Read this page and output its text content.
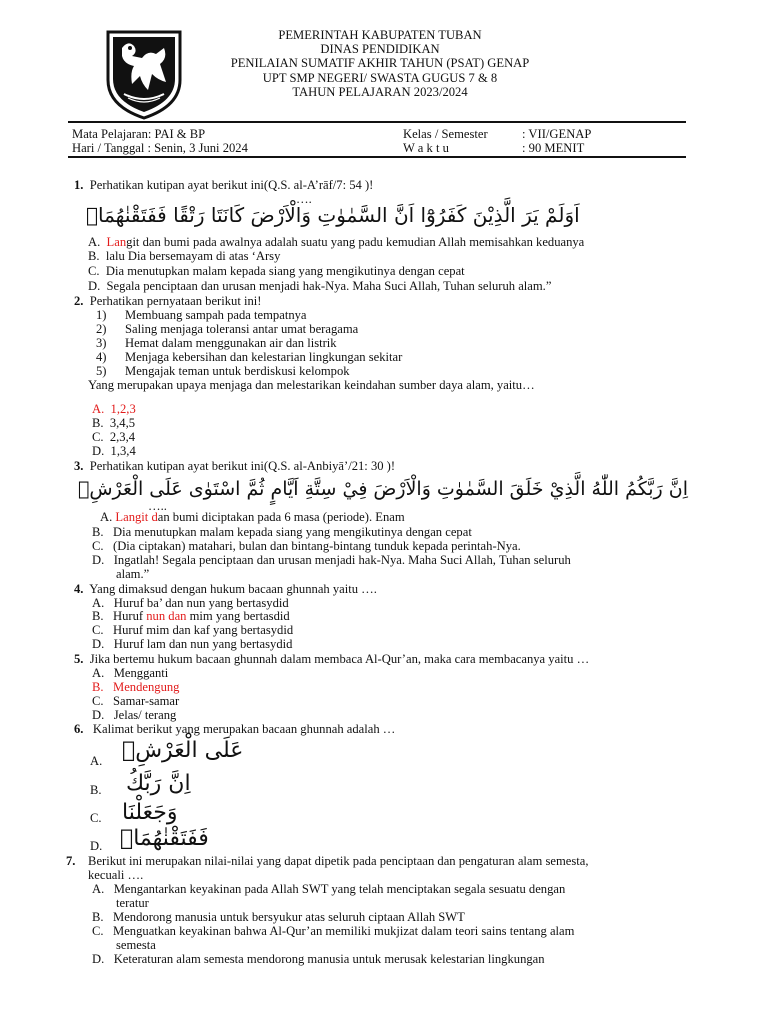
PEMERINTAH KABUPATEN TUBAN
DINAS PENDIDIKAN
PENILAIAN SUMATIF AKHIR TAHUN (PSAT) GENAP
UPT SMP NEGERI/ SWASTA GUGUS 7 & 8
TAHUN PELAJARAN 2023/2024
Mata Pelajaran: PAI & BP
Hari / Tanggal : Senin, 3 Juni 2024
Kelas / Semester	: VII/GENAP
W a k t u	: 90 MENIT
1. Perhatikan kutipan ayat berikut ini(Q.S. al-A’rāf/7: 54 )!
….
اَوَلَمْ يَرَ الَّذِيْنَ كَفَرُوْٓا اَنَّ السَّمٰوٰتِ وَالْاَرْضَ كَانَتَا رَتْقًا فَفَتَقْنٰهُمَاۗ
A. Langit dan bumi pada awalnya adalah suatu yang padu kemudian Allah memisahkan keduanya
B. lalu Dia bersemayam di atas ‘Arsy
C. Dia menutupkan malam kepada siang yang mengikutinya dengan cepat
D. Segala penciptaan dan urusan menjadi hak-Nya. Maha Suci Allah, Tuhan seluruh alam.”
2. Perhatikan pernyataan berikut ini!
1) Membuang sampah pada tempatnya
2) Saling menjaga toleransi antar umat beragama
3) Hemat dalam menggunakan air dan listrik
4) Menjaga kebersihan dan kelestarian lingkungan sekitar
5) Mengajak teman untuk berdiskusi kelompok
Yang merupakan upaya menjaga dan melestarikan keindahan sumber daya alam, yaitu…
A. 1,2,3
B. 3,4,5
C. 2,3,4
D. 1,3,4
3. Perhatikan kutipan ayat berikut ini(Q.S. al-Anbiyā’/21: 30 )!
اِنَّ رَبَّكُمُ اللّٰهُ الَّذِيْ خَلَقَ السَّمٰوٰتِ وَالْاَرْضَ فِيْ سِتَّةِ اَيَّامٍ ثُمَّ اسْتَوٰى عَلَى الْعَرْشِۗ
…..
A. Langit dan bumi diciptakan pada 6 masa (periode). Enam
B. Dia menutupkan malam kepada siang yang mengikutinya dengan cepat
C. (Dia ciptakan) matahari, bulan dan bintang-bintang tunduk kepada perintah-Nya.
D. Ingatlah! Segala penciptaan dan urusan menjadi hak-Nya. Maha Suci Allah, Tuhan seluruh
alam.”
4. Yang dimaksud dengan hukum bacaan ghunnah yaitu ….
A. Huruf ba’ dan nun yang bertasydid
B. Huruf nun dan mim yang bertasdid
C. Huruf mim dan kaf yang bertasydid
D. Huruf lam dan nun yang bertasydid
5. Jika bertemu hukum bacaan ghunnah dalam membaca Al-Qur’an, maka cara membacanya yaitu …
A. Mengganti
B. Mendengung
C. Samar-samar
D. Jelas/ terang
6. Kalimat berikut yang merupakan bacaan ghunnah adalah …
A. عَلَى الْعَرْشِۗ
B. اِنَّ رَبَّكُ
C. وَجَعَلْنَا
D. فَفَتَقْنٰهُمَاۗ
7. Berikut ini merupakan nilai-nilai yang dapat dipetik pada penciptaan dan pengaturan alam semesta,
kecuali ….
A. Mengantarkan keyakinan pada Allah SWT yang telah menciptakan segala sesuatu dengan
teratur
B. Mendorong manusia untuk bersyukur atas seluruh ciptaan Allah SWT
C. Menguatkan keyakinan bahwa Al-Qur’an memiliki mukjizat dalam teori sains tentang alam
semesta
D. Keteraturan alam semesta mendorong manusia untuk merusak kelestarian lingkungan
